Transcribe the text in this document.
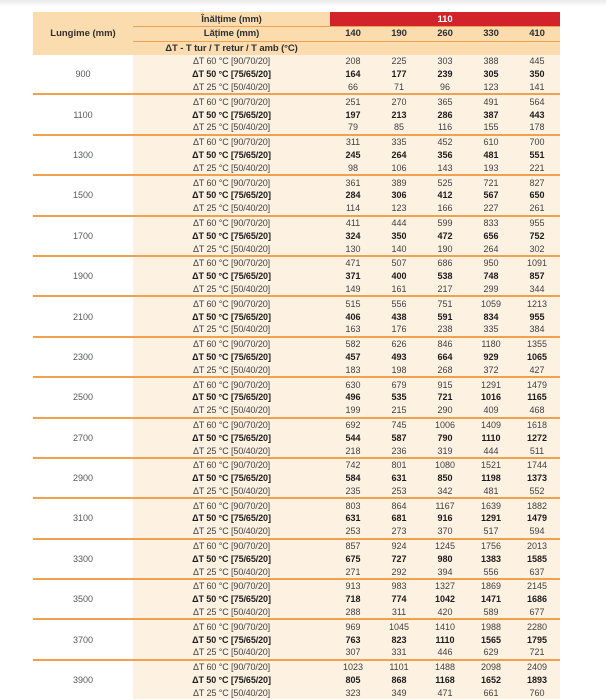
Lungime (mm)
Înălțime (mm)	110
Lățime (mm)	140	190	260	330	410
ΔT - T tur / T retur / T amb (°C)
900
ΔT 60 °C [90/70/20]	208	225	303	388	445
ΔT 50 °C [75/65/20]	164	177	239	305	350
ΔT 25 °C [50/40/20]	66	71	96	123	141
1100
ΔT 60 °C [90/70/20]	251	270	365	491	564
ΔT 50 °C [75/65/20]	197	213	286	387	443
ΔT 25 °C [50/40/20]	79	85	116	155	178
1300
ΔT 60 °C [90/70/20]	311	335	452	610	700
ΔT 50 °C [75/65/20]	245	264	356	481	551
ΔT 25 °C [50/40/20]	98	106	143	193	221
1500
ΔT 60 °C [90/70/20]	361	389	525	721	827
ΔT 50 °C [75/65/20]	284	306	412	567	650
ΔT 25 °C [50/40/20]	114	123	166	227	261
1700
ΔT 60 °C [90/70/20]	411	444	599	833	955
ΔT 50 °C [75/65/20]	324	350	472	656	752
ΔT 25 °C [50/40/20]	130	140	190	264	302
1900
ΔT 60 °C [90/70/20]	471	507	686	950	1091
ΔT 50 °C [75/65/20]	371	400	538	748	857
ΔT 25 °C [50/40/20]	149	161	217	299	344
2100
ΔT 60 °C [90/70/20]	515	556	751	1059	1213
ΔT 50 °C [75/65/20]	406	438	591	834	955
ΔT 25 °C [50/40/20]	163	176	238	335	384
2300
ΔT 60 °C [90/70/20]	582	626	846	1180	1355
ΔT 50 °C [75/65/20]	457	493	664	929	1065
ΔT 25 °C [50/40/20]	183	198	268	372	427
2500
ΔT 60 °C [90/70/20]	630	679	915	1291	1479
ΔT 50 °C [75/65/20]	496	535	721	1016	1165
ΔT 25 °C [50/40/20]	199	215	290	409	468
2700
ΔT 60 °C [90/70/20]	692	745	1006	1409	1618
ΔT 50 °C [75/65/20]	544	587	790	1110	1272
ΔT 25 °C [50/40/20]	218	236	319	444	511
2900
ΔT 60 °C [90/70/20]	742	801	1080	1521	1744
ΔT 50 °C [75/65/20]	584	631	850	1198	1373
ΔT 25 °C [50/40/20]	235	253	342	481	552
3100
ΔT 60 °C [90/70/20]	803	864	1167	1639	1882
ΔT 50 °C [75/65/20]	631	681	916	1291	1479
ΔT 25 °C [50/40/20]	253	273	370	517	594
3300
ΔT 60 °C [90/70/20]	857	924	1245	1756	2013
ΔT 50 °C [75/65/20]	675	727	980	1383	1585
ΔT 25 °C [50/40/20]	271	292	394	556	637
3500
ΔT 60 °C [90/70/20]	913	983	1327	1869	2145
ΔT 50 °C [75/65/20]	718	774	1042	1471	1686
ΔT 25 °C [50/40/20]	288	311	420	589	677
3700
ΔT 60 °C [90/70/20]	969	1045	1410	1988	2280
ΔT 50 °C [75/65/20]	763	823	1110	1565	1795
ΔT 25 °C [50/40/20]	307	331	446	629	721
3900
ΔT 60 °C [90/70/20]	1023	1101	1488	2098	2409
ΔT 50 °C [75/65/20]	805	868	1168	1652	1893
ΔT 25 °C [50/40/20]	323	349	471	661	760
